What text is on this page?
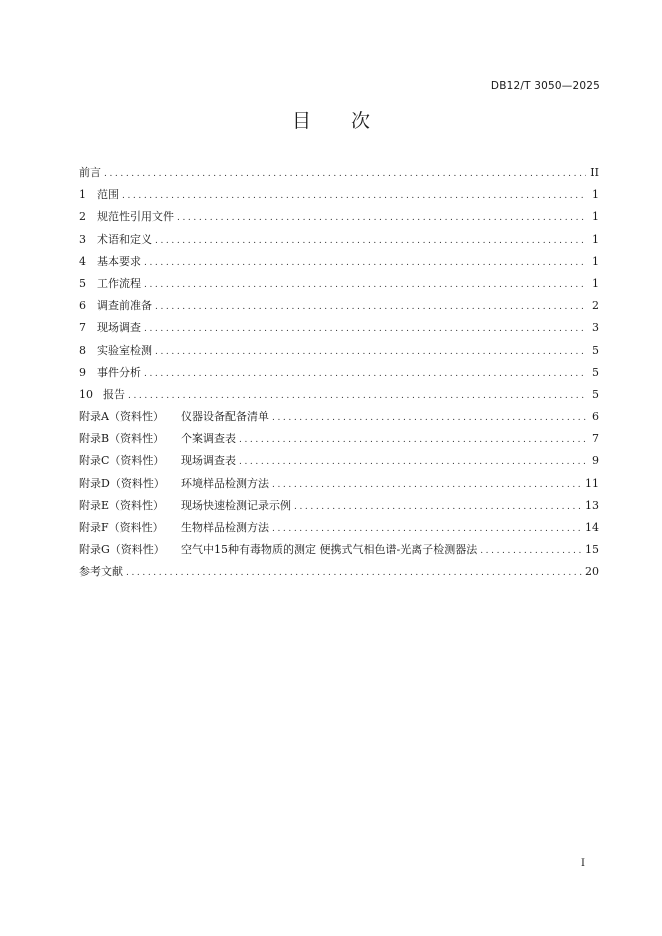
DB12/T 3050—2025
目 次
前言 .....	II
1	范围 .....	1
2	规范性引用文件 .....	1
3	术语和定义 .....	1
4	基本要求 .....	1
5	工作流程 .....	1
6	调查前准备 .....	2
7	现场调查 .....	3
8	实验室检测 .....	5
9	事件分析 .....	5
10 报告 .....	5
附录A（资料性）	仪器设备配备清单 .....	6
附录B（资料性）	个案调查表 .....	7
附录C（资料性）	现场调查表 .....	9
附录D（资料性）	环境样品检测方法 .....	11
附录E（资料性）	现场快速检测记录示例 .....	13
附录F（资料性）	生物样品检测方法 .....	14
附录G（资料性）	空气中15种有毒物质的测定 便携式气相色谱-光离子检测器法 .....	15
参考文献 .....	20
I
